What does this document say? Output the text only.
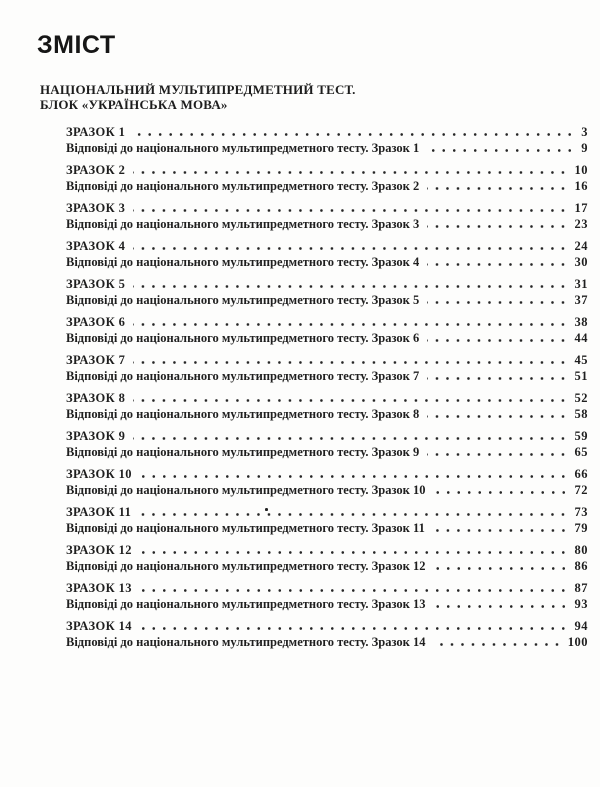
ЗМІСТ
НАЦІОНАЛЬНИЙ МУЛЬТИПРЕДМЕТНИЙ ТЕСТ.
БЛОК «УКРАЇНСЬКА МОВА»
ЗРАЗОК 1	3
Відповіді до національного мультипредметного тесту. Зразок 1	9
ЗРАЗОК 2	10
Відповіді до національного мультипредметного тесту. Зразок 2	16
ЗРАЗОК 3	17
Відповіді до національного мультипредметного тесту. Зразок 3	23
ЗРАЗОК 4	24
Відповіді до національного мультипредметного тесту. Зразок 4	30
ЗРАЗОК 5	31
Відповіді до національного мультипредметного тесту. Зразок 5	37
ЗРАЗОК 6	38
Відповіді до національного мультипредметного тесту. Зразок 6	44
ЗРАЗОК 7	45
Відповіді до національного мультипредметного тесту. Зразок 7	51
ЗРАЗОК 8	52
Відповіді до національного мультипредметного тесту. Зразок 8	58
ЗРАЗОК 9	59
Відповіді до національного мультипредметного тесту. Зразок 9	65
ЗРАЗОК 10	66
Відповіді до національного мультипредметного тесту. Зразок 10	72
ЗРАЗОК 11	73
Відповіді до національного мультипредметного тесту. Зразок 11	79
ЗРАЗОК 12	80
Відповіді до національного мультипредметного тесту. Зразок 12	86
ЗРАЗОК 13	87
Відповіді до національного мультипредметного тесту. Зразок 13	93
ЗРАЗОК 14	94
Відповіді до національного мультипредметного тесту. Зразок 14	100
